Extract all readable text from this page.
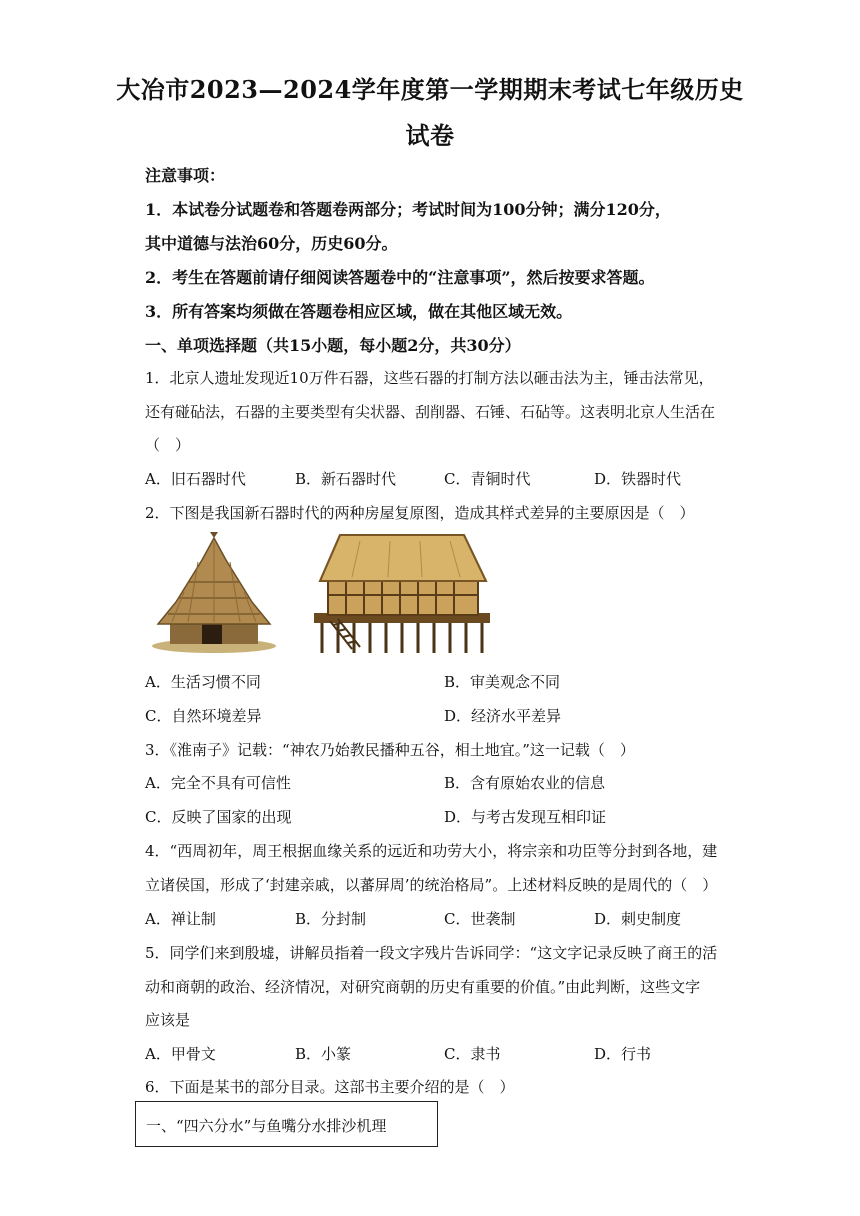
大冶市2023—2024学年度第一学期期末考试七年级历史
试卷
注意事项：
1．本试卷分试题卷和答题卷两部分；考试时间为100分钟；满分120分，
其中道德与法治60分，历史60分。
2．考生在答题前请仔细阅读答题卷中的“注意事项”，然后按要求答题。
3．所有答案均须做在答题卷相应区域，做在其他区域无效。
一、单项选择题（共15小题，每小题2分，共30分）
1．北京人遗址发现近10万件石器，这些石器的打制方法以砸击法为主，锤击法常见，
还有碰砧法，石器的主要类型有尖状器、刮削器、石锤、石砧等。这表明北京人生活在
（　）
A．旧石器时代	B．新石器时代	C．青铜时代	D．铁器时代
2．下图是我国新石器时代的两种房屋复原图，造成其样式差异的主要原因是（　）
A．生活习惯不同	B．审美观念不同
C．自然环境差异	D．经济水平差异
3．《淮南子》记载：“神农乃始教民播种五谷，相土地宜。”这一记载（　）
A．完全不具有可信性	B．含有原始农业的信息
C．反映了国家的出现	D．与考古发现互相印证
4．“西周初年，周王根据血缘关系的远近和功劳大小，将宗亲和功臣等分封到各地，建
立诸侯国，形成了‘封建亲戚，以蕃屏周’的统治格局”。上述材料反映的是周代的（　）
A．禅让制	B．分封制	C．世袭制	D．刺史制度
5．同学们来到殷墟，讲解员指着一段文字残片告诉同学：“这文字记录反映了商王的活
动和商朝的政治、经济情况，对研究商朝的历史有重要的价值。”由此判断，这些文字
应该是
A．甲骨文	B．小篆	C．隶书	D．行书
6．下面是某书的部分目录。这部书主要介绍的是（　）
一、“四六分水”与鱼嘴分水排沙机理
